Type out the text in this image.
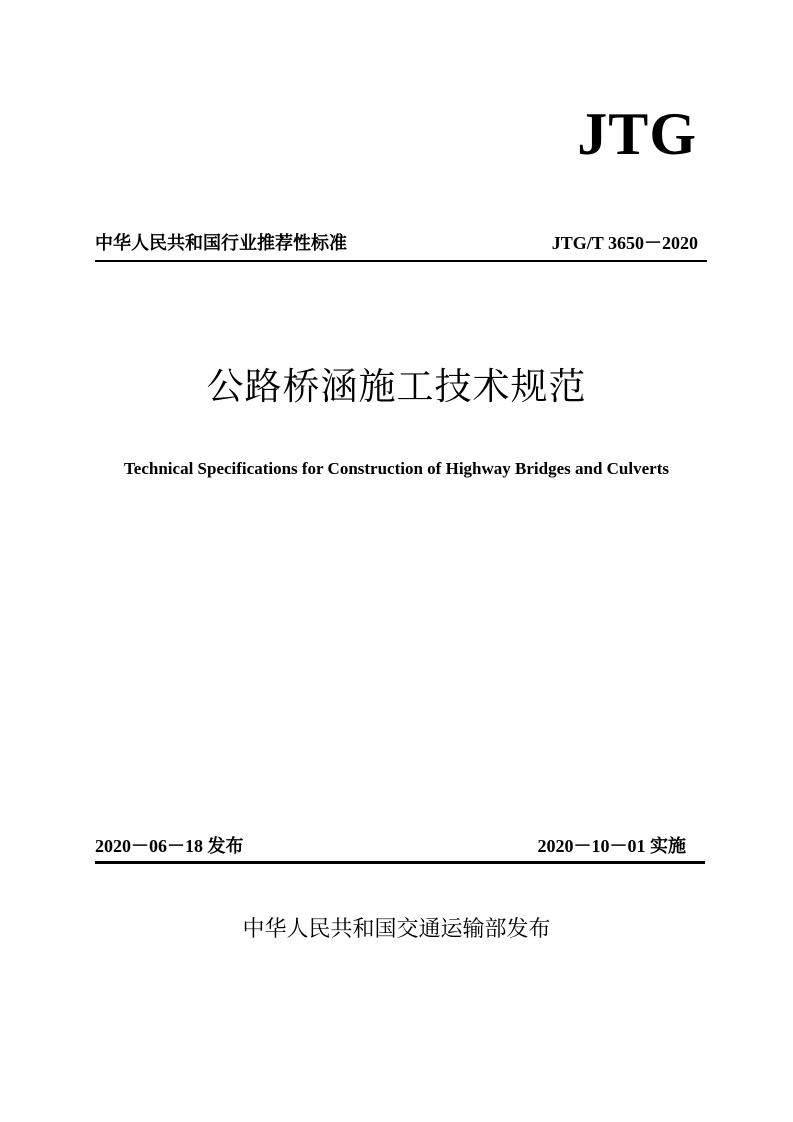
JTG
中华人民共和国行业推荐性标准	JTG/T 3650－2020
公路桥涵施工技术规范
Technical Specifications for Construction of Highway Bridges and Culverts
2020－06－18 发布	2020－10－01 实施
中华人民共和国交通运输部发布
